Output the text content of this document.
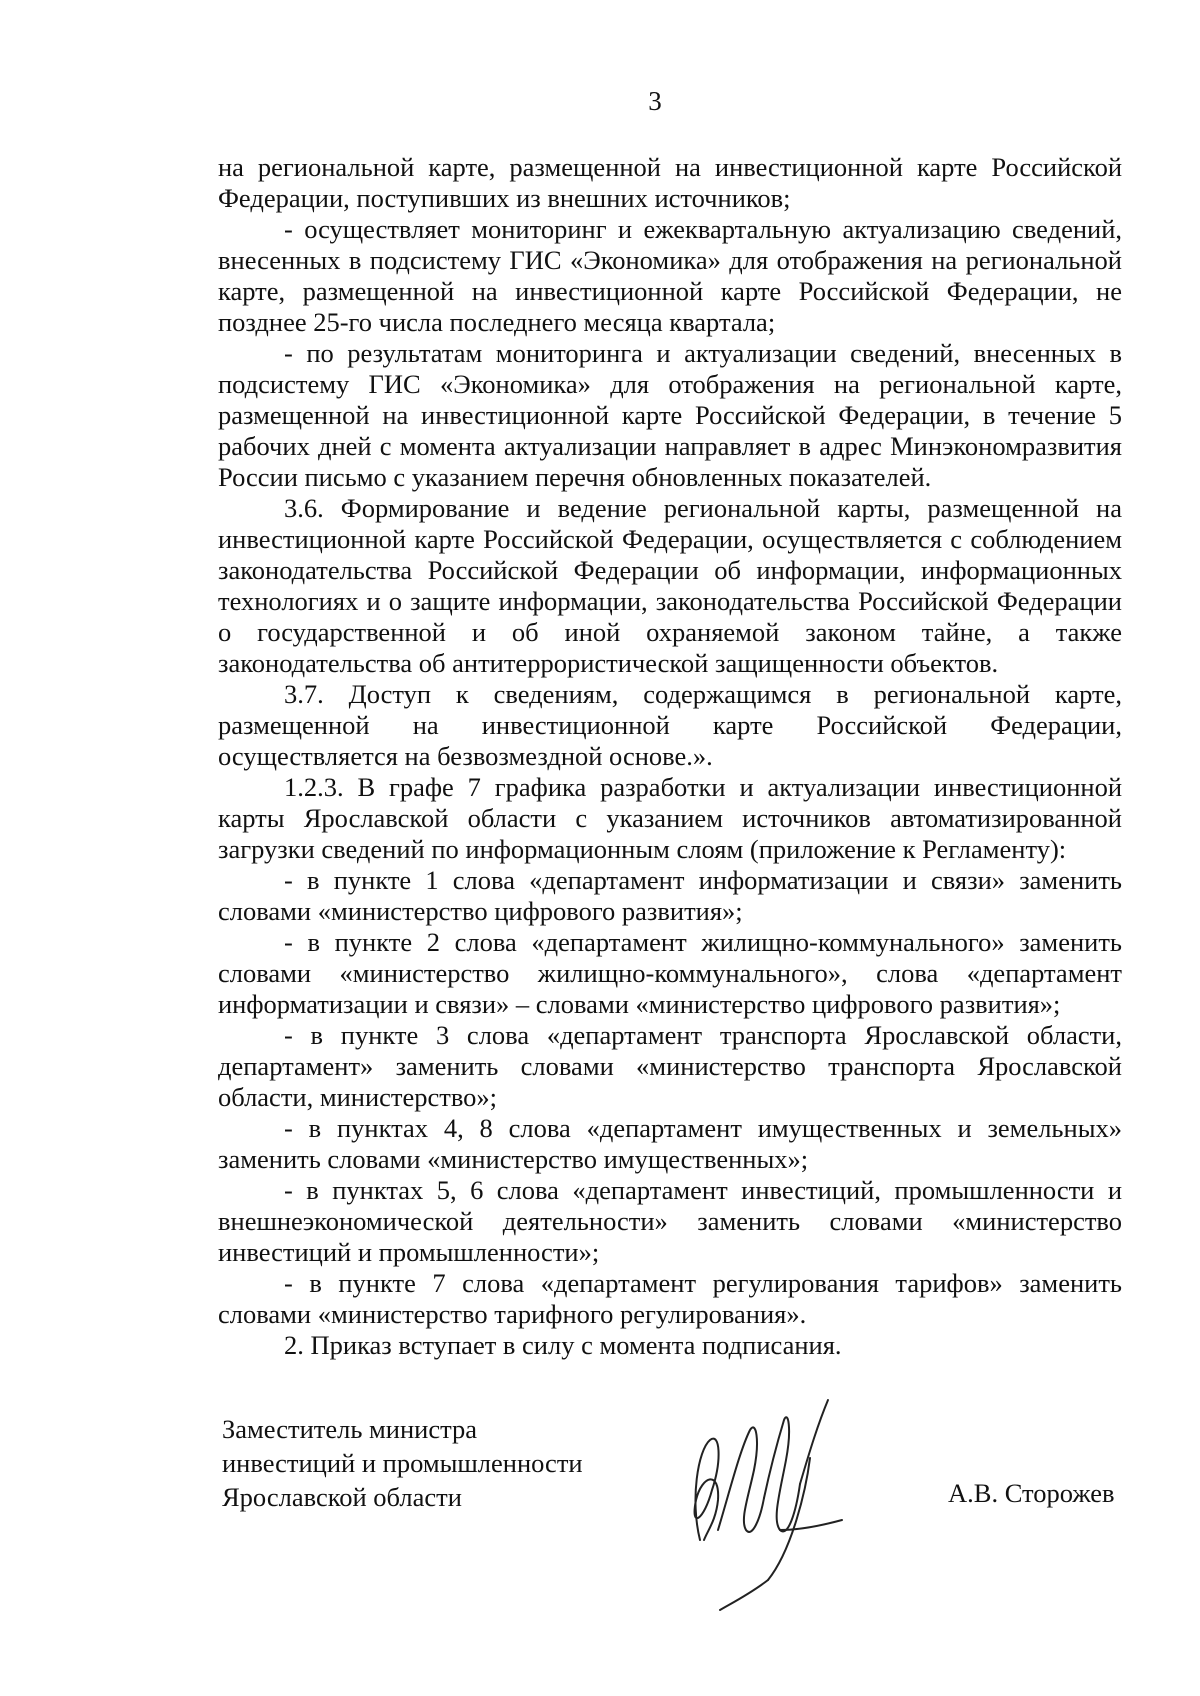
3

на региональной карте, размещенной на инвестиционной карте Российской Федерации, поступивших из внешних источников;

- осуществляет мониторинг и ежеквартальную актуализацию сведений, внесенных в подсистему ГИС «Экономика» для отображения на региональной карте, размещенной на инвестиционной карте Российской Федерации, не позднее 25-го числа последнего месяца квартала;

- по результатам мониторинга и актуализации сведений, внесенных в подсистему ГИС «Экономика» для отображения на региональной карте, размещенной на инвестиционной карте Российской Федерации, в течение 5 рабочих дней с момента актуализации направляет в адрес Минэкономразвития России письмо с указанием перечня обновленных показателей.

3.6. Формирование и ведение региональной карты, размещенной на инвестиционной карте Российской Федерации, осуществляется с соблюдением законодательства Российской Федерации об информации, информационных технологиях и о защите информации, законодательства Российской Федерации о государственной и об иной охраняемой законом тайне, а также законодательства об антитеррористической защищенности объектов.

3.7. Доступ к сведениям, содержащимся в региональной карте, размещенной на инвестиционной карте Российской Федерации, осуществляется на безвозмездной основе.».

1.2.3. В графе 7 графика разработки и актуализации инвестиционной карты Ярославской области с указанием источников автоматизированной загрузки сведений по информационным слоям (приложение к Регламенту):

- в пункте 1 слова «департамент информатизации и связи» заменить словами «министерство цифрового развития»;

- в пункте 2 слова «департамент жилищно-коммунального» заменить словами «министерство жилищно-коммунального», слова «департамент информатизации и связи» – словами «министерство цифрового развития»;

- в пункте 3 слова «департамент транспорта Ярославской области, департамент» заменить словами «министерство транспорта Ярославской области, министерство»;

- в пунктах 4, 8 слова «департамент имущественных и земельных» заменить словами «министерство имущественных»;

- в пунктах 5, 6 слова «департамент инвестиций, промышленности и внешнеэкономической деятельности» заменить словами «министерство инвестиций и промышленности»;

- в пункте 7 слова «департамент регулирования тарифов» заменить словами «министерство тарифного регулирования».

2. Приказ вступает в силу с момента подписания.

Заместитель министра
инвестиций и промышленности
Ярославской области	А.В. Сторожев
